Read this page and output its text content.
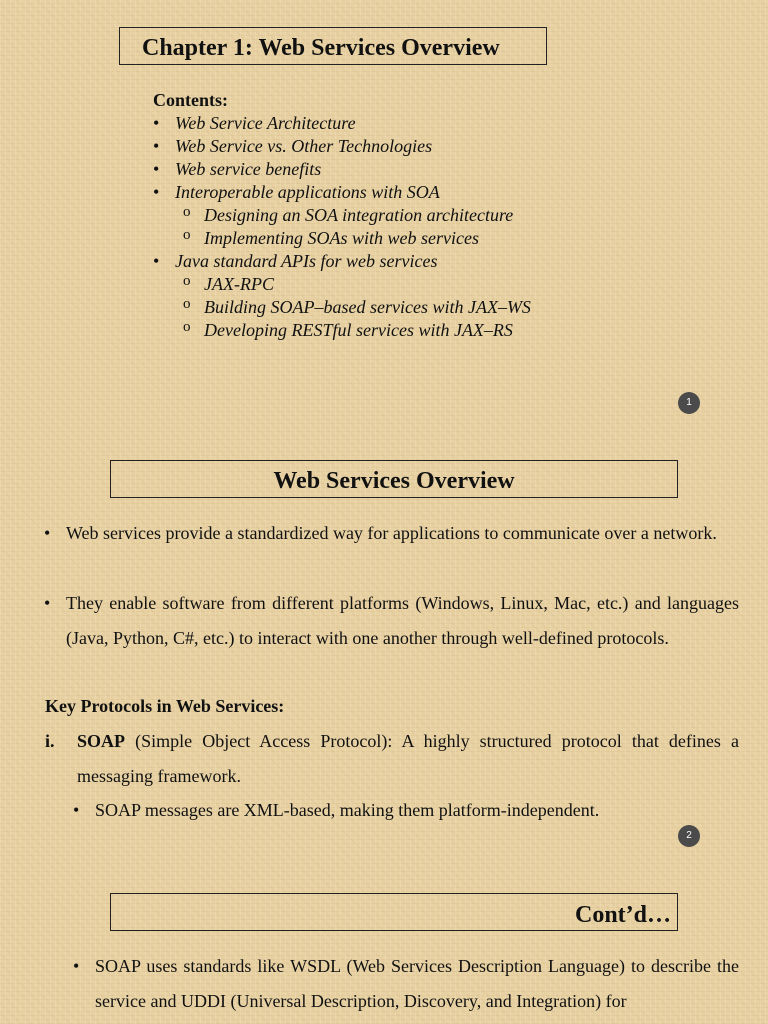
Chapter 1: Web Services Overview
Contents:
• Web Service Architecture
• Web Service vs. Other Technologies
• Web service benefits
• Interoperable applications with SOA
o Designing an SOA integration architecture
o Implementing SOAs with web services
• Java standard APIs for web services
o JAX-RPC
o Building SOAP–based services with JAX–WS
o Developing RESTful services with JAX–RS
1
Web Services Overview
• Web services provide a standardized way for applications to communicate over a network.
• They enable software from different platforms (Windows, Linux, Mac, etc.) and languages (Java, Python, C#, etc.) to interact with one another through well-defined protocols.
Key Protocols in Web Services:
i. SOAP (Simple Object Access Protocol): A highly structured protocol that defines a messaging framework.
• SOAP messages are XML-based, making them platform-independent.
2
Cont’d…
• SOAP uses standards like WSDL (Web Services Description Language) to describe the service and UDDI (Universal Description, Discovery, and Integration) for
